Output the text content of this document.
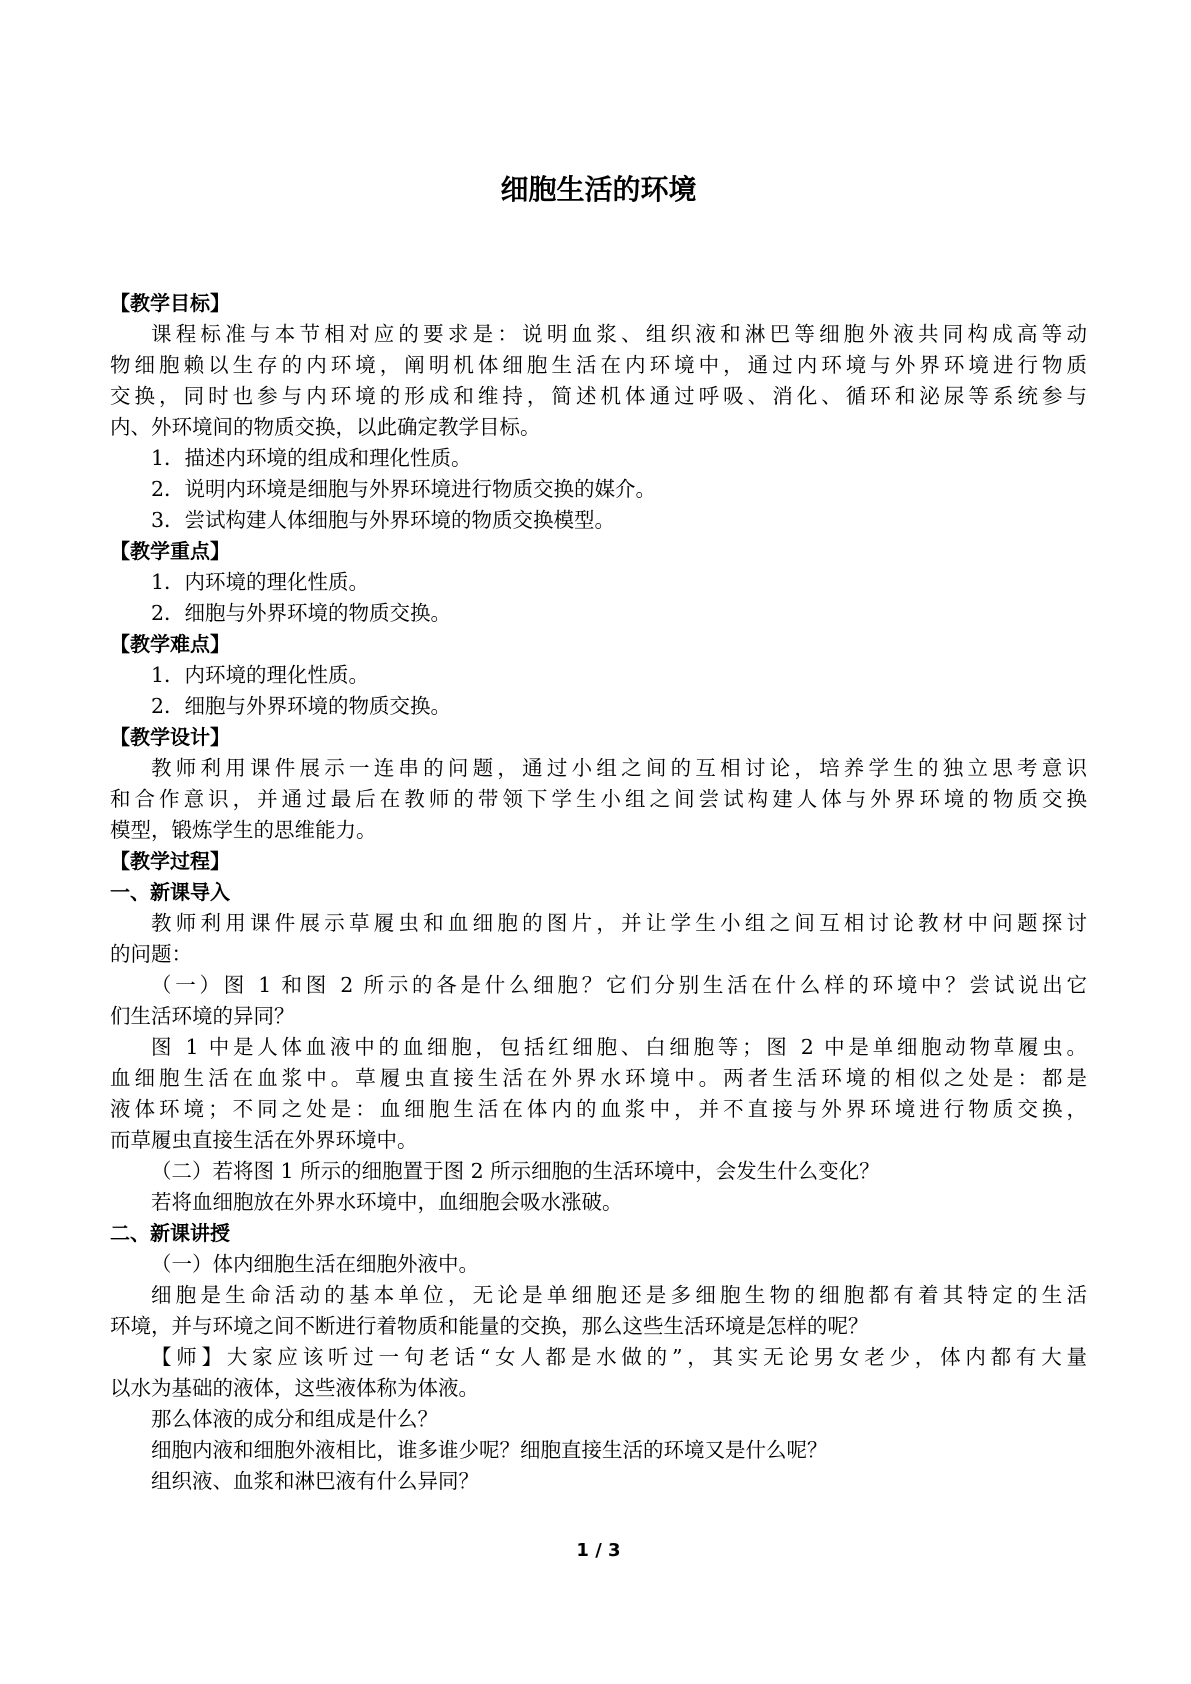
细胞生活的环境
【教学目标】
课程标准与本节相对应的要求是：说明血浆、组织液和淋巴等细胞外液共同构成高等动
物细胞赖以生存的内环境，阐明机体细胞生活在内环境中，通过内环境与外界环境进行物质
交换，同时也参与内环境的形成和维持，简述机体通过呼吸、消化、循环和泌尿等系统参与
内、外环境间的物质交换，以此确定教学目标。
1．描述内环境的组成和理化性质。
2．说明内环境是细胞与外界环境进行物质交换的媒介。
3．尝试构建人体细胞与外界环境的物质交换模型。
【教学重点】
1．内环境的理化性质。
2．细胞与外界环境的物质交换。
【教学难点】
1．内环境的理化性质。
2．细胞与外界环境的物质交换。
【教学设计】
教师利用课件展示一连串的问题，通过小组之间的互相讨论，培养学生的独立思考意识
和合作意识，并通过最后在教师的带领下学生小组之间尝试构建人体与外界环境的物质交换
模型，锻炼学生的思维能力。
【教学过程】
一、新课导入
教师利用课件展示草履虫和血细胞的图片，并让学生小组之间互相讨论教材中问题探讨
的问题：
（一）图 1 和图 2 所示的各是什么细胞？它们分别生活在什么样的环境中？尝试说出它
们生活环境的异同？
图 1 中是人体血液中的血细胞，包括红细胞、白细胞等；图 2 中是单细胞动物草履虫。
血细胞生活在血浆中。草履虫直接生活在外界水环境中。两者生活环境的相似之处是：都是
液体环境；不同之处是：血细胞生活在体内的血浆中，并不直接与外界环境进行物质交换，
而草履虫直接生活在外界环境中。
（二）若将图 1 所示的细胞置于图 2 所示细胞的生活环境中，会发生什么变化？
若将血细胞放在外界水环境中，血细胞会吸水涨破。
二、新课讲授
（一）体内细胞生活在细胞外液中。
细胞是生命活动的基本单位，无论是单细胞还是多细胞生物的细胞都有着其特定的生活
环境，并与环境之间不断进行着物质和能量的交换，那么这些生活环境是怎样的呢？
【师】大家应该听过一句老话“女人都是水做的”，其实无论男女老少，体内都有大量
以水为基础的液体，这些液体称为体液。
那么体液的成分和组成是什么？
细胞内液和细胞外液相比，谁多谁少呢？细胞直接生活的环境又是什么呢？
组织液、血浆和淋巴液有什么异同？
1 / 3
